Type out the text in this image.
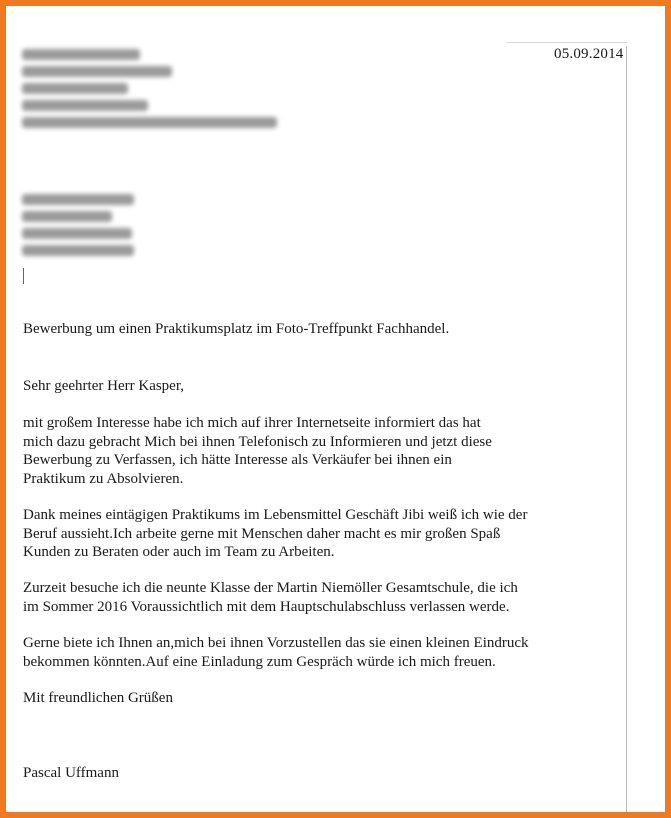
05.09.2014
Bewerbung um einen Praktikumsplatz im Foto-Treffpunkt Fachhandel.
Sehr geehrter Herr Kasper,
mit großem Interesse habe ich mich auf ihrer Internetseite informiert das hat
mich dazu gebracht Mich bei ihnen Telefonisch zu Informieren und jetzt diese
Bewerbung zu Verfassen, ich hätte Interesse als Verkäufer bei ihnen ein
Praktikum zu Absolvieren.
Dank meines eintägigen Praktikums im Lebensmittel Geschäft Jibi weiß ich wie der
Beruf aussieht.Ich arbeite gerne mit Menschen daher macht es mir großen Spaß
Kunden zu Beraten oder auch im Team zu Arbeiten.
Zurzeit besuche ich die neunte Klasse der Martin Niemöller Gesamtschule, die ich
im Sommer 2016 Voraussichtlich mit dem Hauptschulabschluss verlassen werde.
Gerne biete ich Ihnen an,mich bei ihnen Vorzustellen das sie einen kleinen Eindruck
bekommen könnten.Auf eine Einladung zum Gespräch würde ich mich freuen.
Mit freundlichen Grüßen
Pascal Uffmann
